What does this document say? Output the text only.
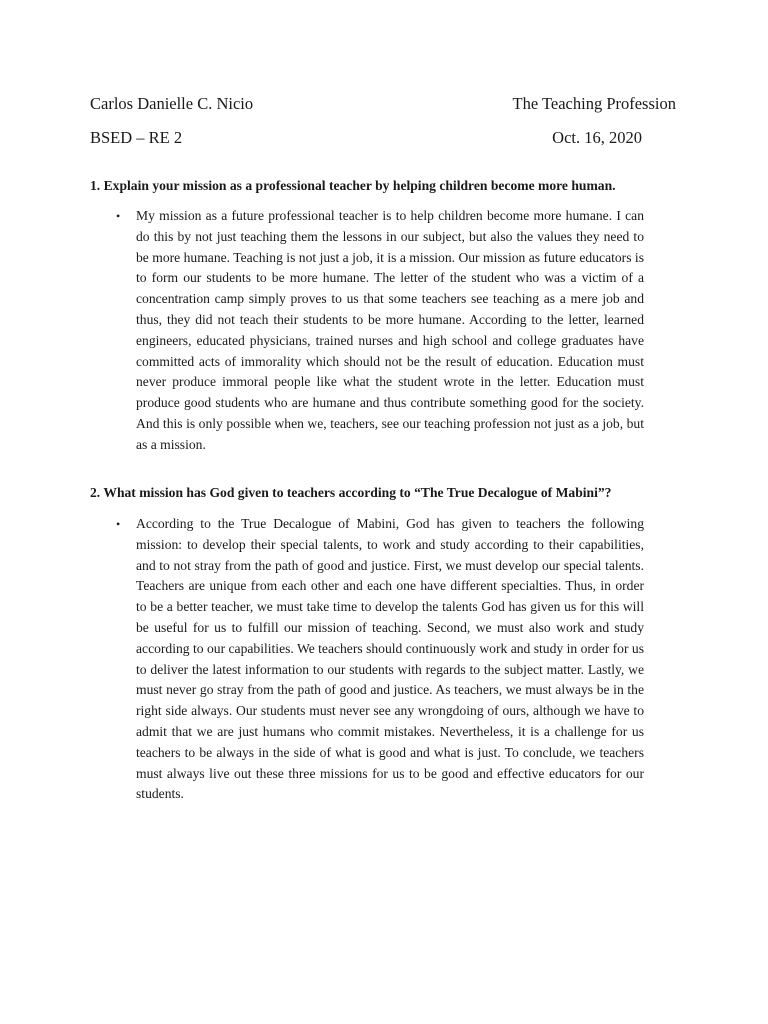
Carlos Danielle C. Nicio	The Teaching Profession
BSED – RE 2	Oct. 16, 2020
1. Explain your mission as a professional teacher by helping children become more human.
•	My mission as a future professional teacher is to help children become more humane. I can do this by not just teaching them the lessons in our subject, but also the values they need to be more humane. Teaching is not just a job, it is a mission. Our mission as future educators is to form our students to be more humane. The letter of the student who was a victim of a concentration camp simply proves to us that some teachers see teaching as a mere job and thus, they did not teach their students to be more humane. According to the letter, learned engineers, educated physicians, trained nurses and high school and college graduates have committed acts of immorality which should not be the result of education. Education must never produce immoral people like what the student wrote in the letter. Education must produce good students who are humane and thus contribute something good for the society. And this is only possible when we, teachers, see our teaching profession not just as a job, but as a mission.
2. What mission has God given to teachers according to “The True Decalogue of Mabini”?
•	According to the True Decalogue of Mabini, God has given to teachers the following mission: to develop their special talents, to work and study according to their capabilities, and to not stray from the path of good and justice. First, we must develop our special talents. Teachers are unique from each other and each one have different specialties. Thus, in order to be a better teacher, we must take time to develop the talents God has given us for this will be useful for us to fulfill our mission of teaching. Second, we must also work and study according to our capabilities. We teachers should continuously work and study in order for us to deliver the latest information to our students with regards to the subject matter. Lastly, we must never go stray from the path of good and justice. As teachers, we must always be in the right side always. Our students must never see any wrongdoing of ours, although we have to admit that we are just humans who commit mistakes. Nevertheless, it is a challenge for us teachers to be always in the side of what is good and what is just. To conclude, we teachers must always live out these three missions for us to be good and effective educators for our students.
